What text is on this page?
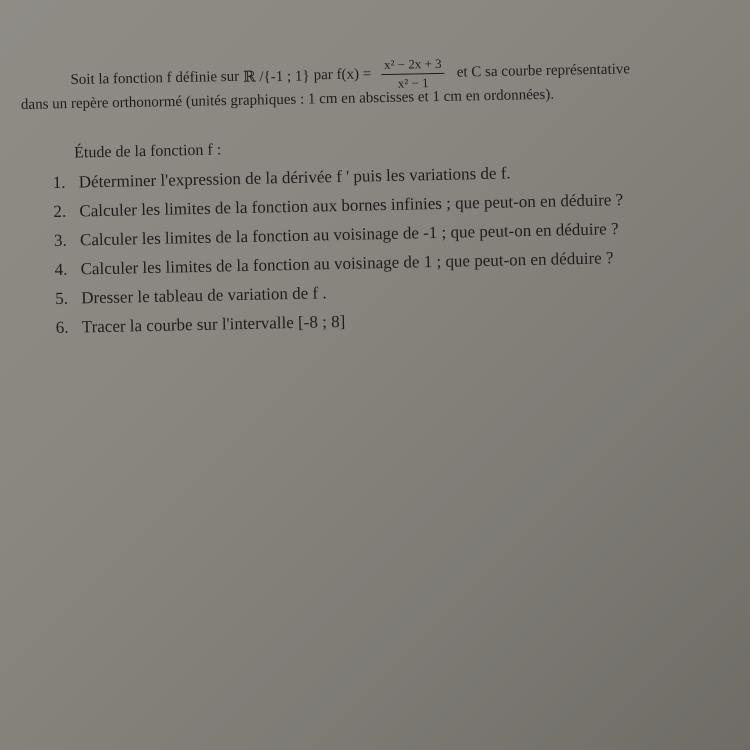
Soit la fonction f définie sur ℝ /{-1 ; 1} par $f(x) = \frac{\text{x² − 2x + 3}}{\text{x² − 1}}$ et C sa courbe représentative
dans un repère orthonormé (unités graphiques : 1 cm en abscisses et 1 cm en ordonnées).
Étude de la fonction f :
1. Déterminer l'expression de la dérivée f ' puis les variations de f.
2. Calculer les limites de la fonction aux bornes infinies ; que peut-on en déduire ?
3. Calculer les limites de la fonction au voisinage de -1 ; que peut-on en déduire ?
4. Calculer les limites de la fonction au voisinage de 1 ; que peut-on en déduire ?
5. Dresser le tableau de variation de f .
6. Tracer la courbe sur l'intervalle [-8 ; 8]
